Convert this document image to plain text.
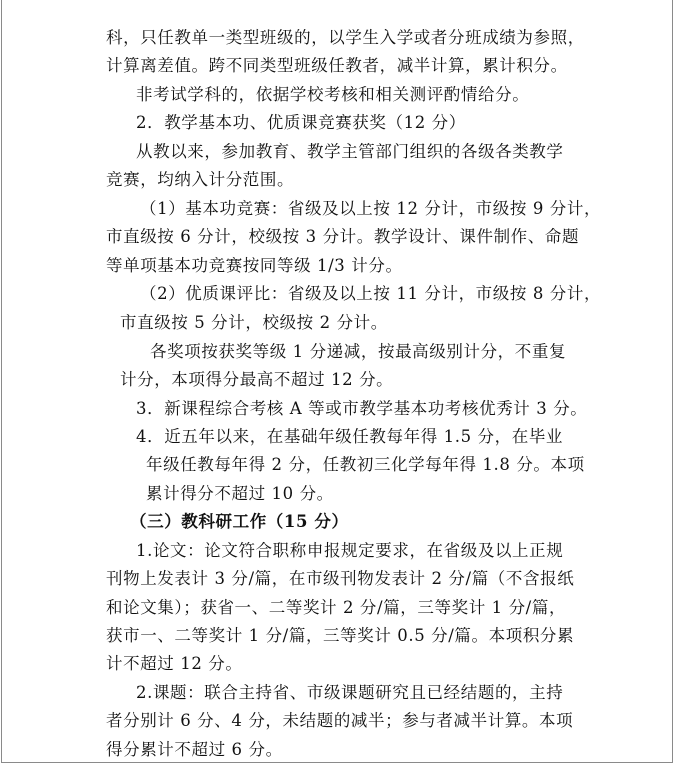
科，只任教单一类型班级的，以学生入学或者分班成绩为参照，
计算离差值。跨不同类型班级任教者，减半计算，累计积分。
非考试学科的，依据学校考核和相关测评酌情给分。
2．教学基本功、优质课竞赛获奖（12 分）
从教以来，参加教育、教学主管部门组织的各级各类教学
竞赛，均纳入计分范围。
（1）基本功竞赛：省级及以上按 12 分计，市级按 9 分计，
市直级按 6 分计，校级按 3 分计。教学设计、课件制作、命题
等单项基本功竞赛按同等级 1/3 计分。
（2）优质课评比：省级及以上按 11 分计，市级按 8 分计，
市直级按 5 分计，校级按 2 分计。
各奖项按获奖等级 1 分递减，按最高级别计分，不重复
计分，本项得分最高不超过 12 分。
3．新课程综合考核 A 等或市教学基本功考核优秀计 3 分。
4．近五年以来，在基础年级任教每年得 1.5 分，在毕业
年级任教每年得 2 分，任教初三化学每年得 1.8 分。本项
累计得分不超过 10 分。
（三）教科研工作（15 分）
1.论文：论文符合职称申报规定要求，在省级及以上正规
刊物上发表计 3 分/篇，在市级刊物发表计 2 分/篇（不含报纸
和论文集）；获省一、二等奖计 2 分/篇，三等奖计 1 分/篇，
获市一、二等奖计 1 分/篇，三等奖计 0.5 分/篇。本项积分累
计不超过 12 分。
2.课题：联合主持省、市级课题研究且已经结题的，主持
者分别计 6 分、4 分，未结题的减半；参与者减半计算。本项
得分累计不超过 6 分。
